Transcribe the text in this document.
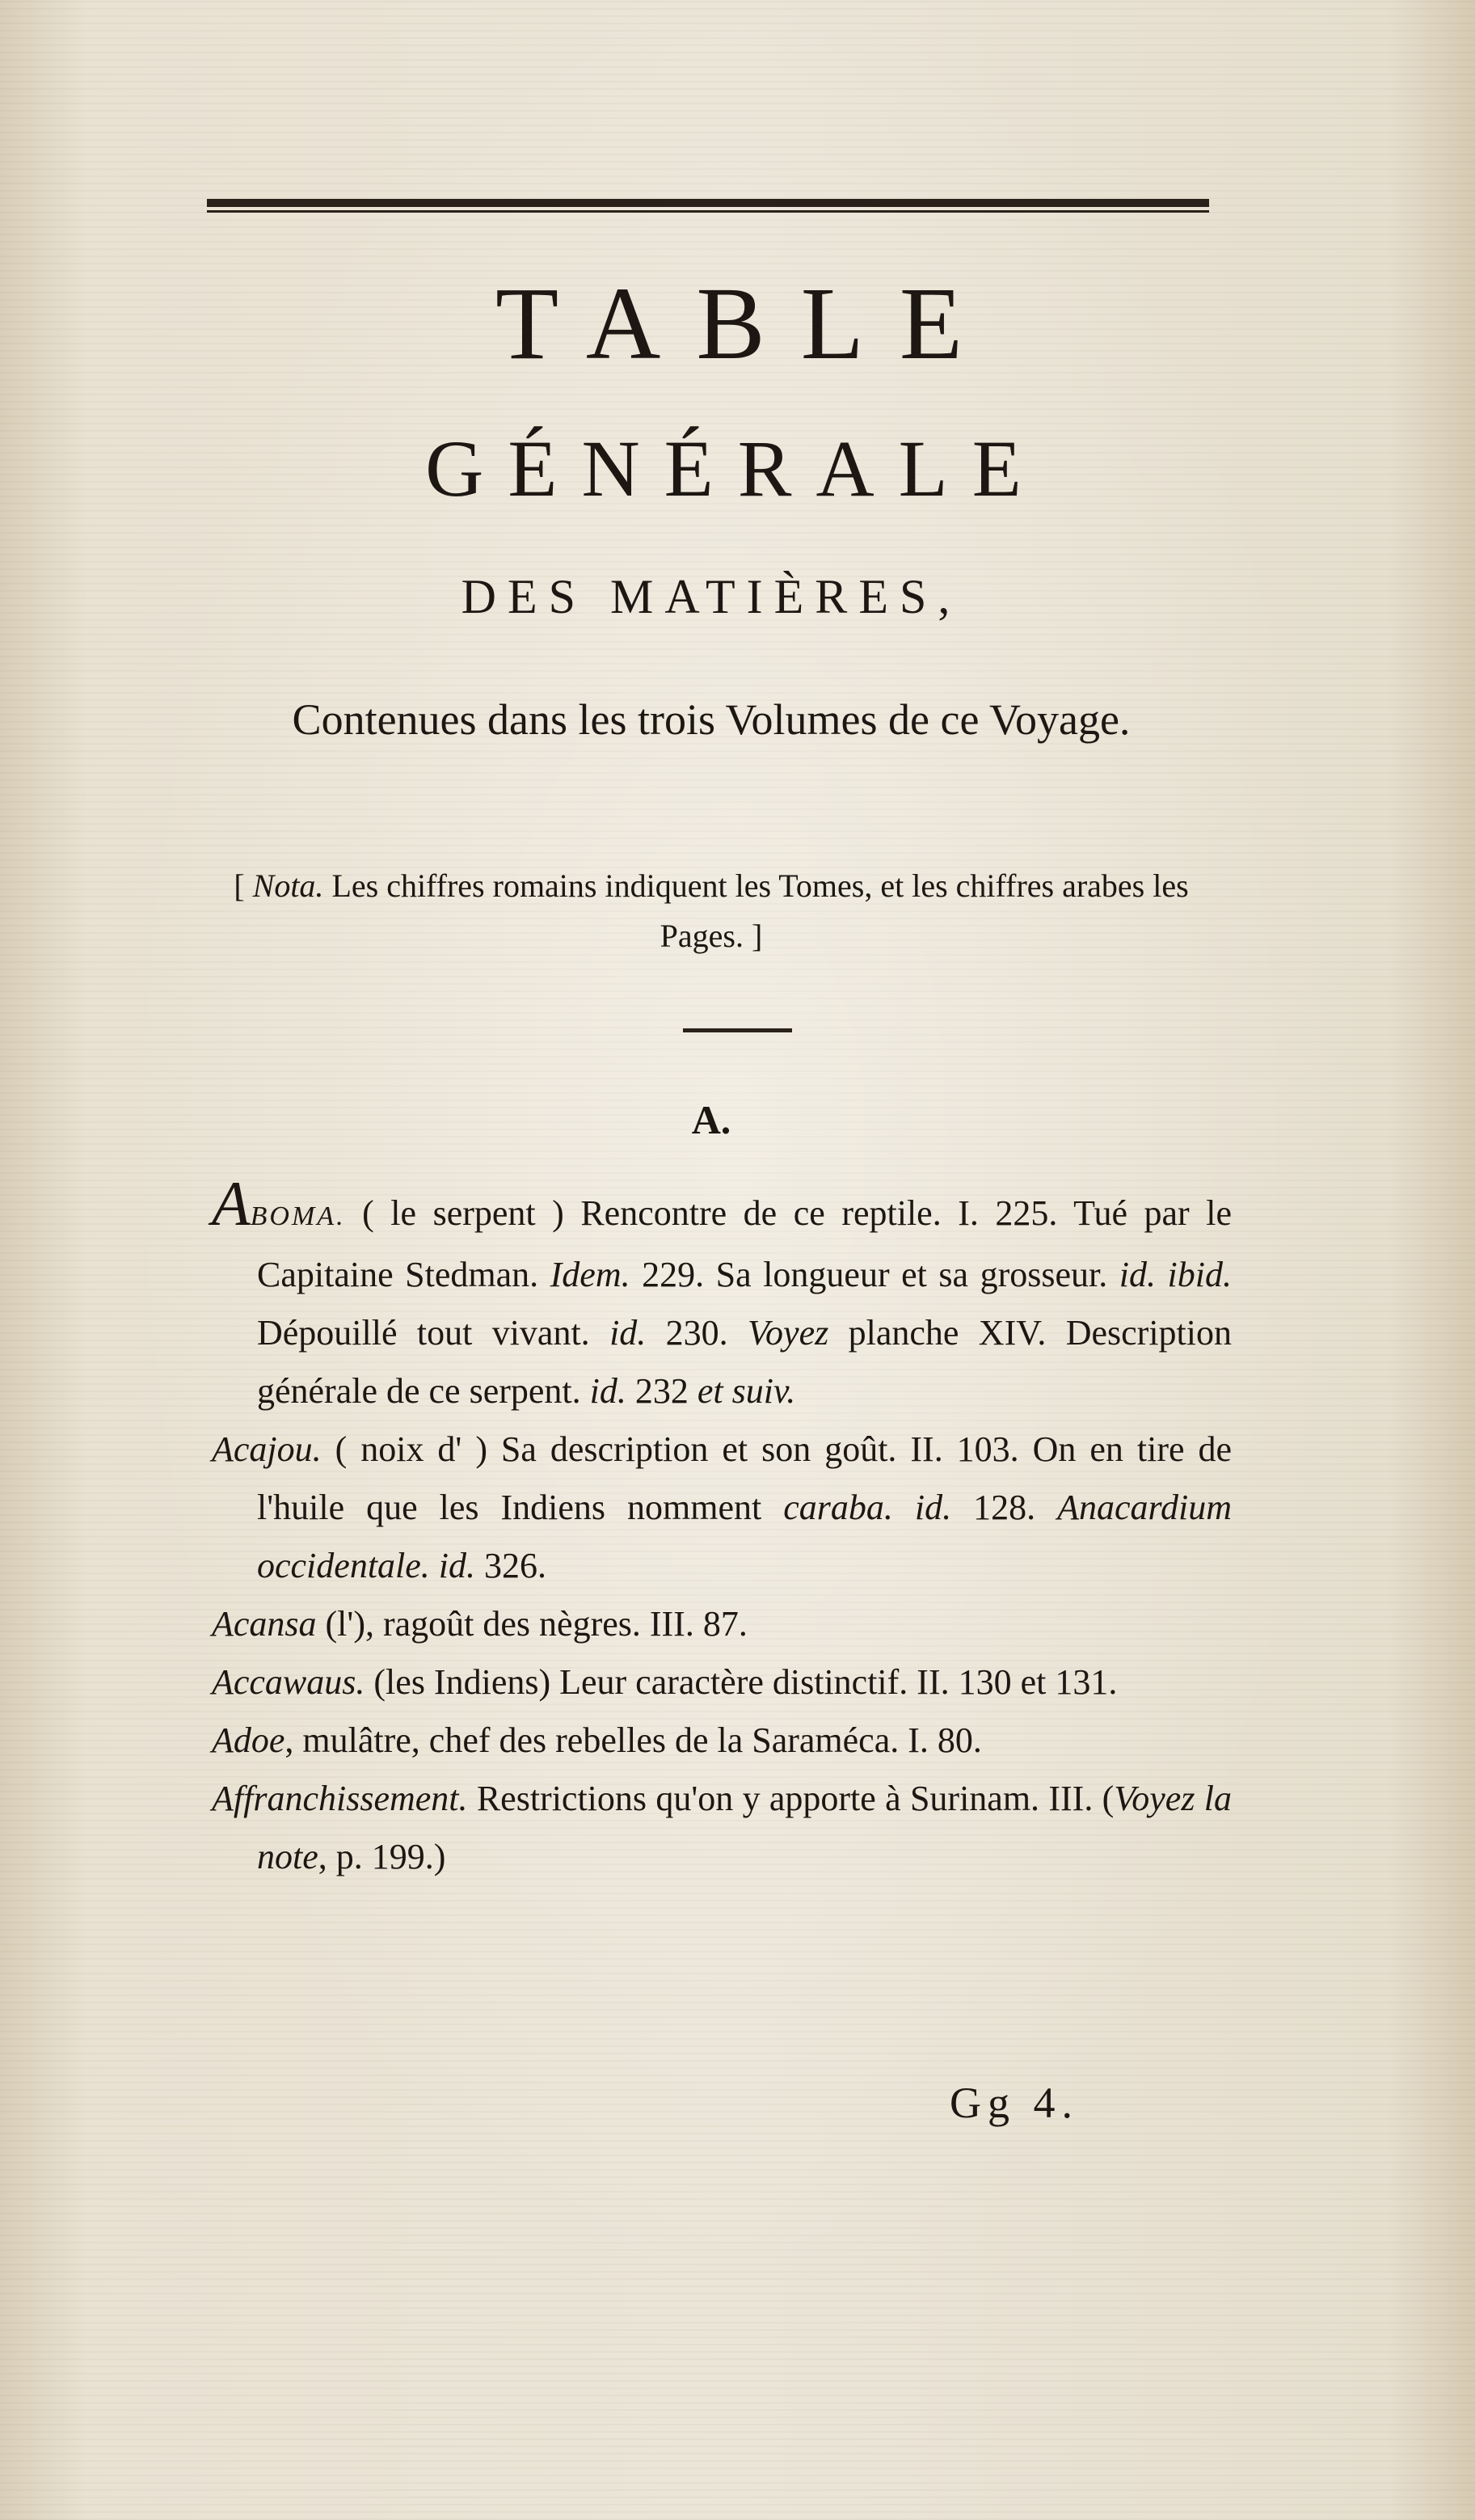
TABLE
GÉNÉRALE
DES MATIÈRES,
Contenues dans les trois Volumes de ce Voyage.
[ Nota. Les chiffres romains indiquent les Tomes, et les chiffres arabes les Pages. ]
A.

ABOMA. ( le serpent ) Rencontre de ce reptile. I. 225. Tué par le Capitaine Stedman. Idem. 229. Sa longueur et sa grosseur. id. ibid. Dépouillé tout vivant. id. 230. Voyez planche XIV. Description générale de ce serpent. id. 232 et suiv.

Acajou. ( noix d' ) Sa description et son goût. II. 103. On en tire de l'huile que les Indiens nomment caraba. id. 128. Anacardium occidentale. id. 326.

Acansa (l'), ragoût des nègres. III. 87.

Accawaus. (les Indiens) Leur caractère distinctif. II. 130 et 131.

Adoe, mulâtre, chef des rebelles de la Saraméca. I. 80.

Affranchissement. Restrictions qu'on y apporte à Surinam. III. (Voyez la note, p. 199.)

Gg 4.
